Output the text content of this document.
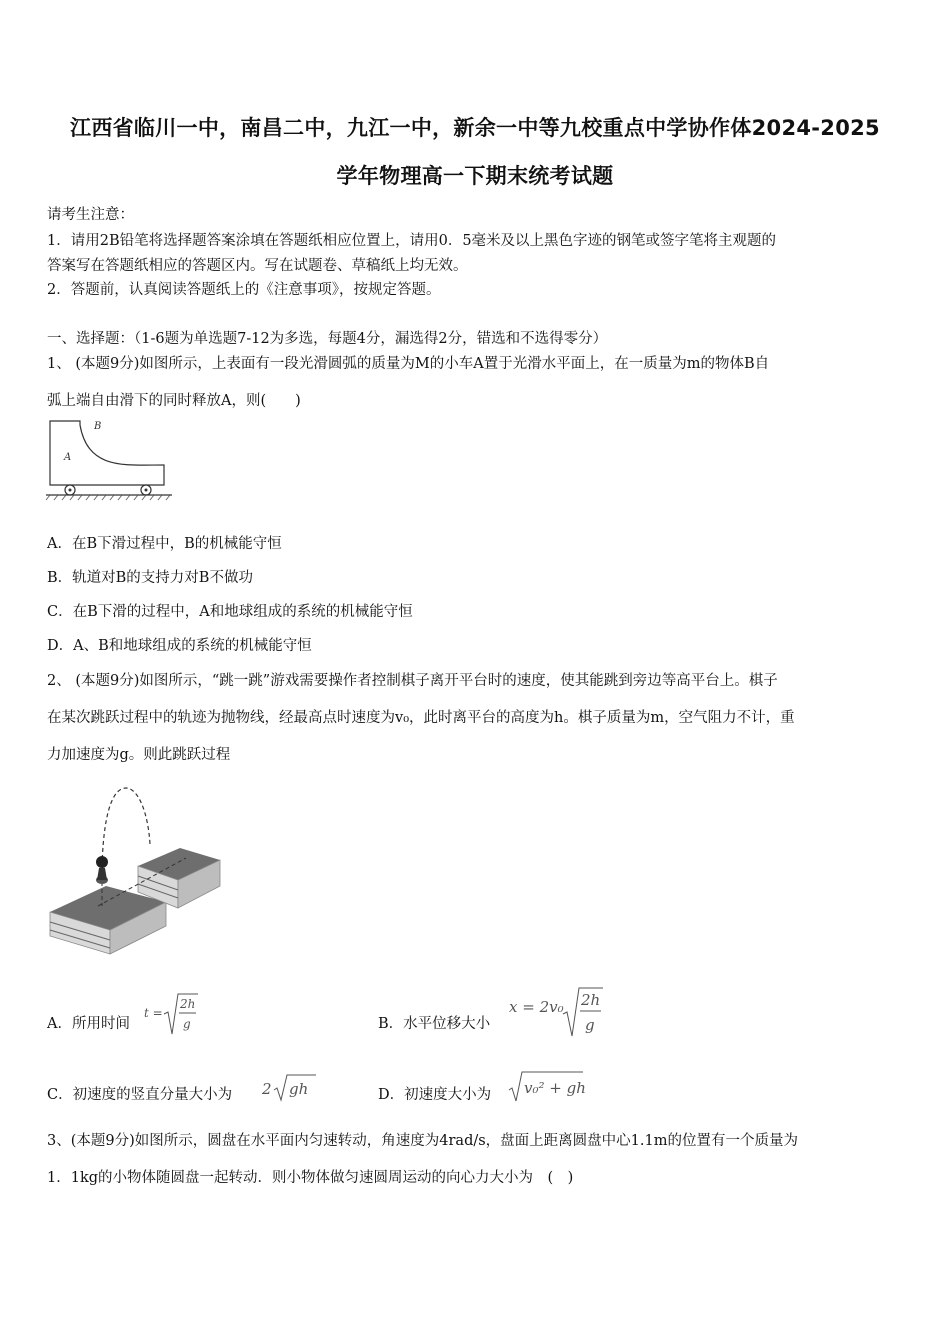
江西省临川一中，南昌二中，九江一中，新余一中等九校重点中学协作体2024-2025
学年物理高一下期末统考试题
请考生注意：
1．请用2B铅笔将选择题答案涂填在答题纸相应位置上，请用0．5毫米及以上黑色字迹的钢笔或签字笔将主观题的
答案写在答题纸相应的答题区内。写在试题卷、草稿纸上均无效。
2．答题前，认真阅读答题纸上的《注意事项》，按规定答题。
一、选择题：（1-6题为单选题7-12为多选，每题4分，漏选得2分，错选和不选得零分）
1、 (本题9分)如图所示，上表面有一段光滑圆弧的质量为M的小车A置于光滑水平面上，在一质量为m的物体B自
弧上端自由滑下的同时释放A，则(　　)
B
A
A．在B下滑过程中，B的机械能守恒
B．轨道对B的支持力对B不做功
C．在B下滑的过程中，A和地球组成的系统的机械能守恒
D．A、B和地球组成的系统的机械能守恒
2、 (本题9分)如图所示，“跳一跳”游戏需要操作者控制棋子离开平台时的速度，使其能跳到旁边等高平台上。棋子
在某次跳跃过程中的轨迹为抛物线，经最高点时速度为v₀，此时离平台的高度为h。棋子质量为m，空气阻力不计，重
力加速度为g。则此跳跃过程
A．所用时间
t =
2h
g	B．水平位移大小
x = 2v₀ 2h
g
C．初速度的竖直分量大小为 2 gh	D．初速度大小为 v₀² + gh
3、(本题9分)如图所示，圆盘在水平面内匀速转动，角速度为4rad/s，盘面上距离圆盘中心1.1m的位置有一个质量为
1．1kg的小物体随圆盘一起转动．则小物体做匀速圆周运动的向心力大小为　(　)
